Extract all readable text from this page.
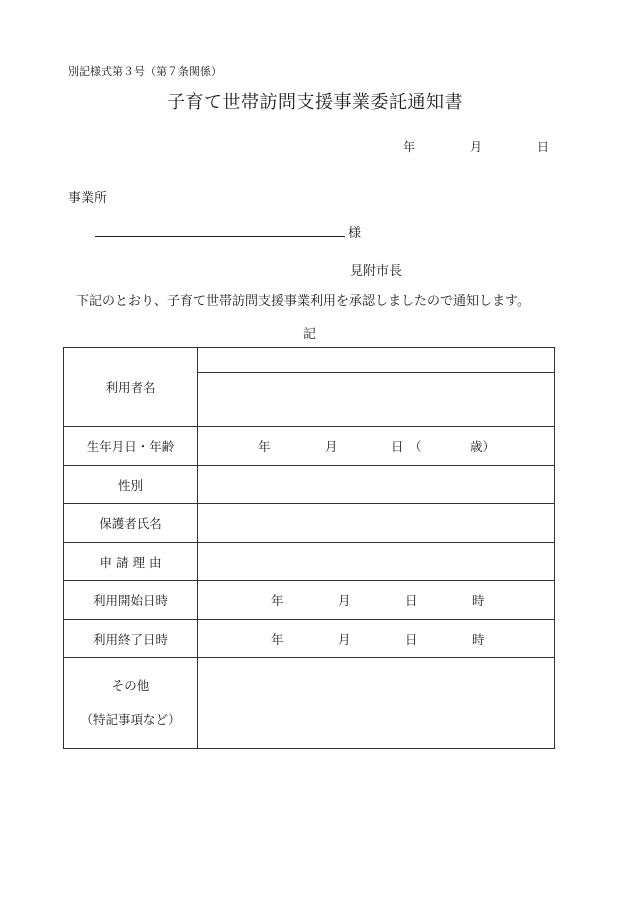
別記様式第３号（第７条関係）
子育て世帯訪問支援事業委託通知書
年	月	日
事業所
様
見附市長
下記のとおり、子育て世帯訪問支援事業利用を承認しましたので通知します。
記
利用者名	

生年月日・年齢	年 月 日 （ 歳）

性別	
保護者氏名	
申 請 理 由	
利用開始日時	年 月 日 時

利用終了日時	年 月 日 時

その他
（特記事項など）	
